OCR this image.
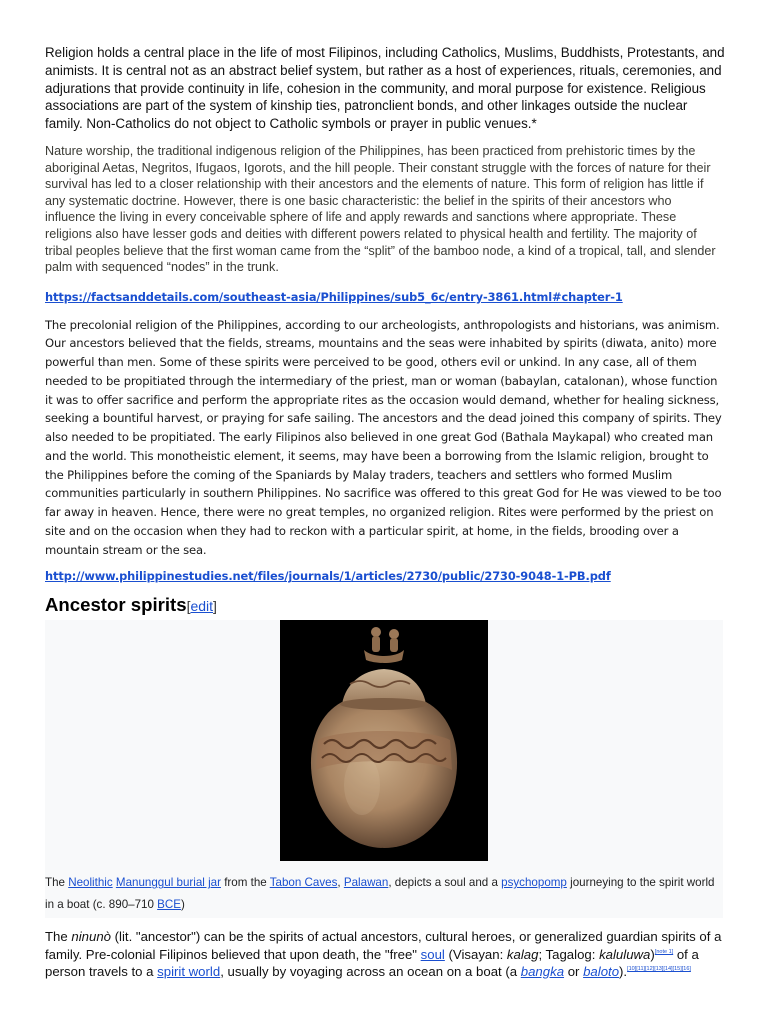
Religion holds a central place in the life of most Filipinos, including Catholics, Muslims, Buddhists, Protestants, and animists. It is central not as an abstract belief system, but rather as a host of experiences, rituals, ceremonies, and adjurations that provide continuity in life, cohesion in the community, and moral purpose for existence. Religious associations are part of the system of kinship ties, patronclient bonds, and other linkages outside the nuclear family. Non-Catholics do not object to Catholic symbols or prayer in public venues.*

Nature worship, the traditional indigenous religion of the Philippines, has been practiced from prehistoric times by the aboriginal Aetas, Negritos, Ifugaos, Igorots, and the hill people. Their constant struggle with the forces of nature for their survival has led to a closer relationship with their ancestors and the elements of nature. This form of religion has little if any systematic doctrine. However, there is one basic characteristic: the belief in the spirits of their ancestors who influence the living in every conceivable sphere of life and apply rewards and sanctions where appropriate. These religions also have lesser gods and deities with different powers related to physical health and fertility. The majority of tribal peoples believe that the first woman came from the “split” of the bamboo node, a kind of a tropical, tall, and slender palm with sequenced “nodes” in the trunk.

https://factsanddetails.com/southeast-asia/Philippines/sub5_6c/entry-3861.html#chapter-1

The precolonial religion of the Philippines, according to our archeologists, anthropologists and historians, was animism. Our ancestors believed that the fields, streams, mountains and the seas were inhabited by spirits (diwata, anito) more powerful than men. Some of these spirits were perceived to be good, others evil or unkind. In any case, all of them needed to be propitiated through the intermediary of the priest, man or woman (babaylan, catalonan), whose function it was to offer sacrifice and perform the appropriate rites as the occasion would demand, whether for healing sickness, seeking a bountiful harvest, or praying for safe sailing. The ancestors and the dead joined this company of spirits. They also needed to be propitiated. The early Filipinos also believed in one great God (Bathala Maykapal) who created man and the world. This monotheistic element, it seems, may have been a borrowing from the Islamic religion, brought to the Philippines before the coming of the Spaniards by Malay traders, teachers and settlers who formed Muslim communities particularly in southern Philippines. No sacrifice was offered to this great God for He was viewed to be too far away in heaven. Hence, there were no great temples, no organized religion. Rites were performed by the priest on site and on the occasion when they had to reckon with a particular spirit, at home, in the fields, brooding over a mountain stream or the sea.

http://www.philippinestudies.net/files/journals/1/articles/2730/public/2730-9048-1-PB.pdf
Ancestor spirits[edit]
The Neolithic Manunggul burial jar from the Tabon Caves, Palawan, depicts a soul and a psychopomp journeying to the spirit world in a boat (c. 890–710 BCE)

The ninunò (lit. "ancestor") can be the spirits of actual ancestors, cultural heroes, or generalized guardian spirits of a family. Pre-colonial Filipinos believed that upon death, the "free" soul (Visayan: kalag; Tagalog: kaluluwa)[note 1] of a person travels to a spirit world, usually by voyaging across an ocean on a boat (a bangka or baloto).[10][11][12][13][14][15][16]
